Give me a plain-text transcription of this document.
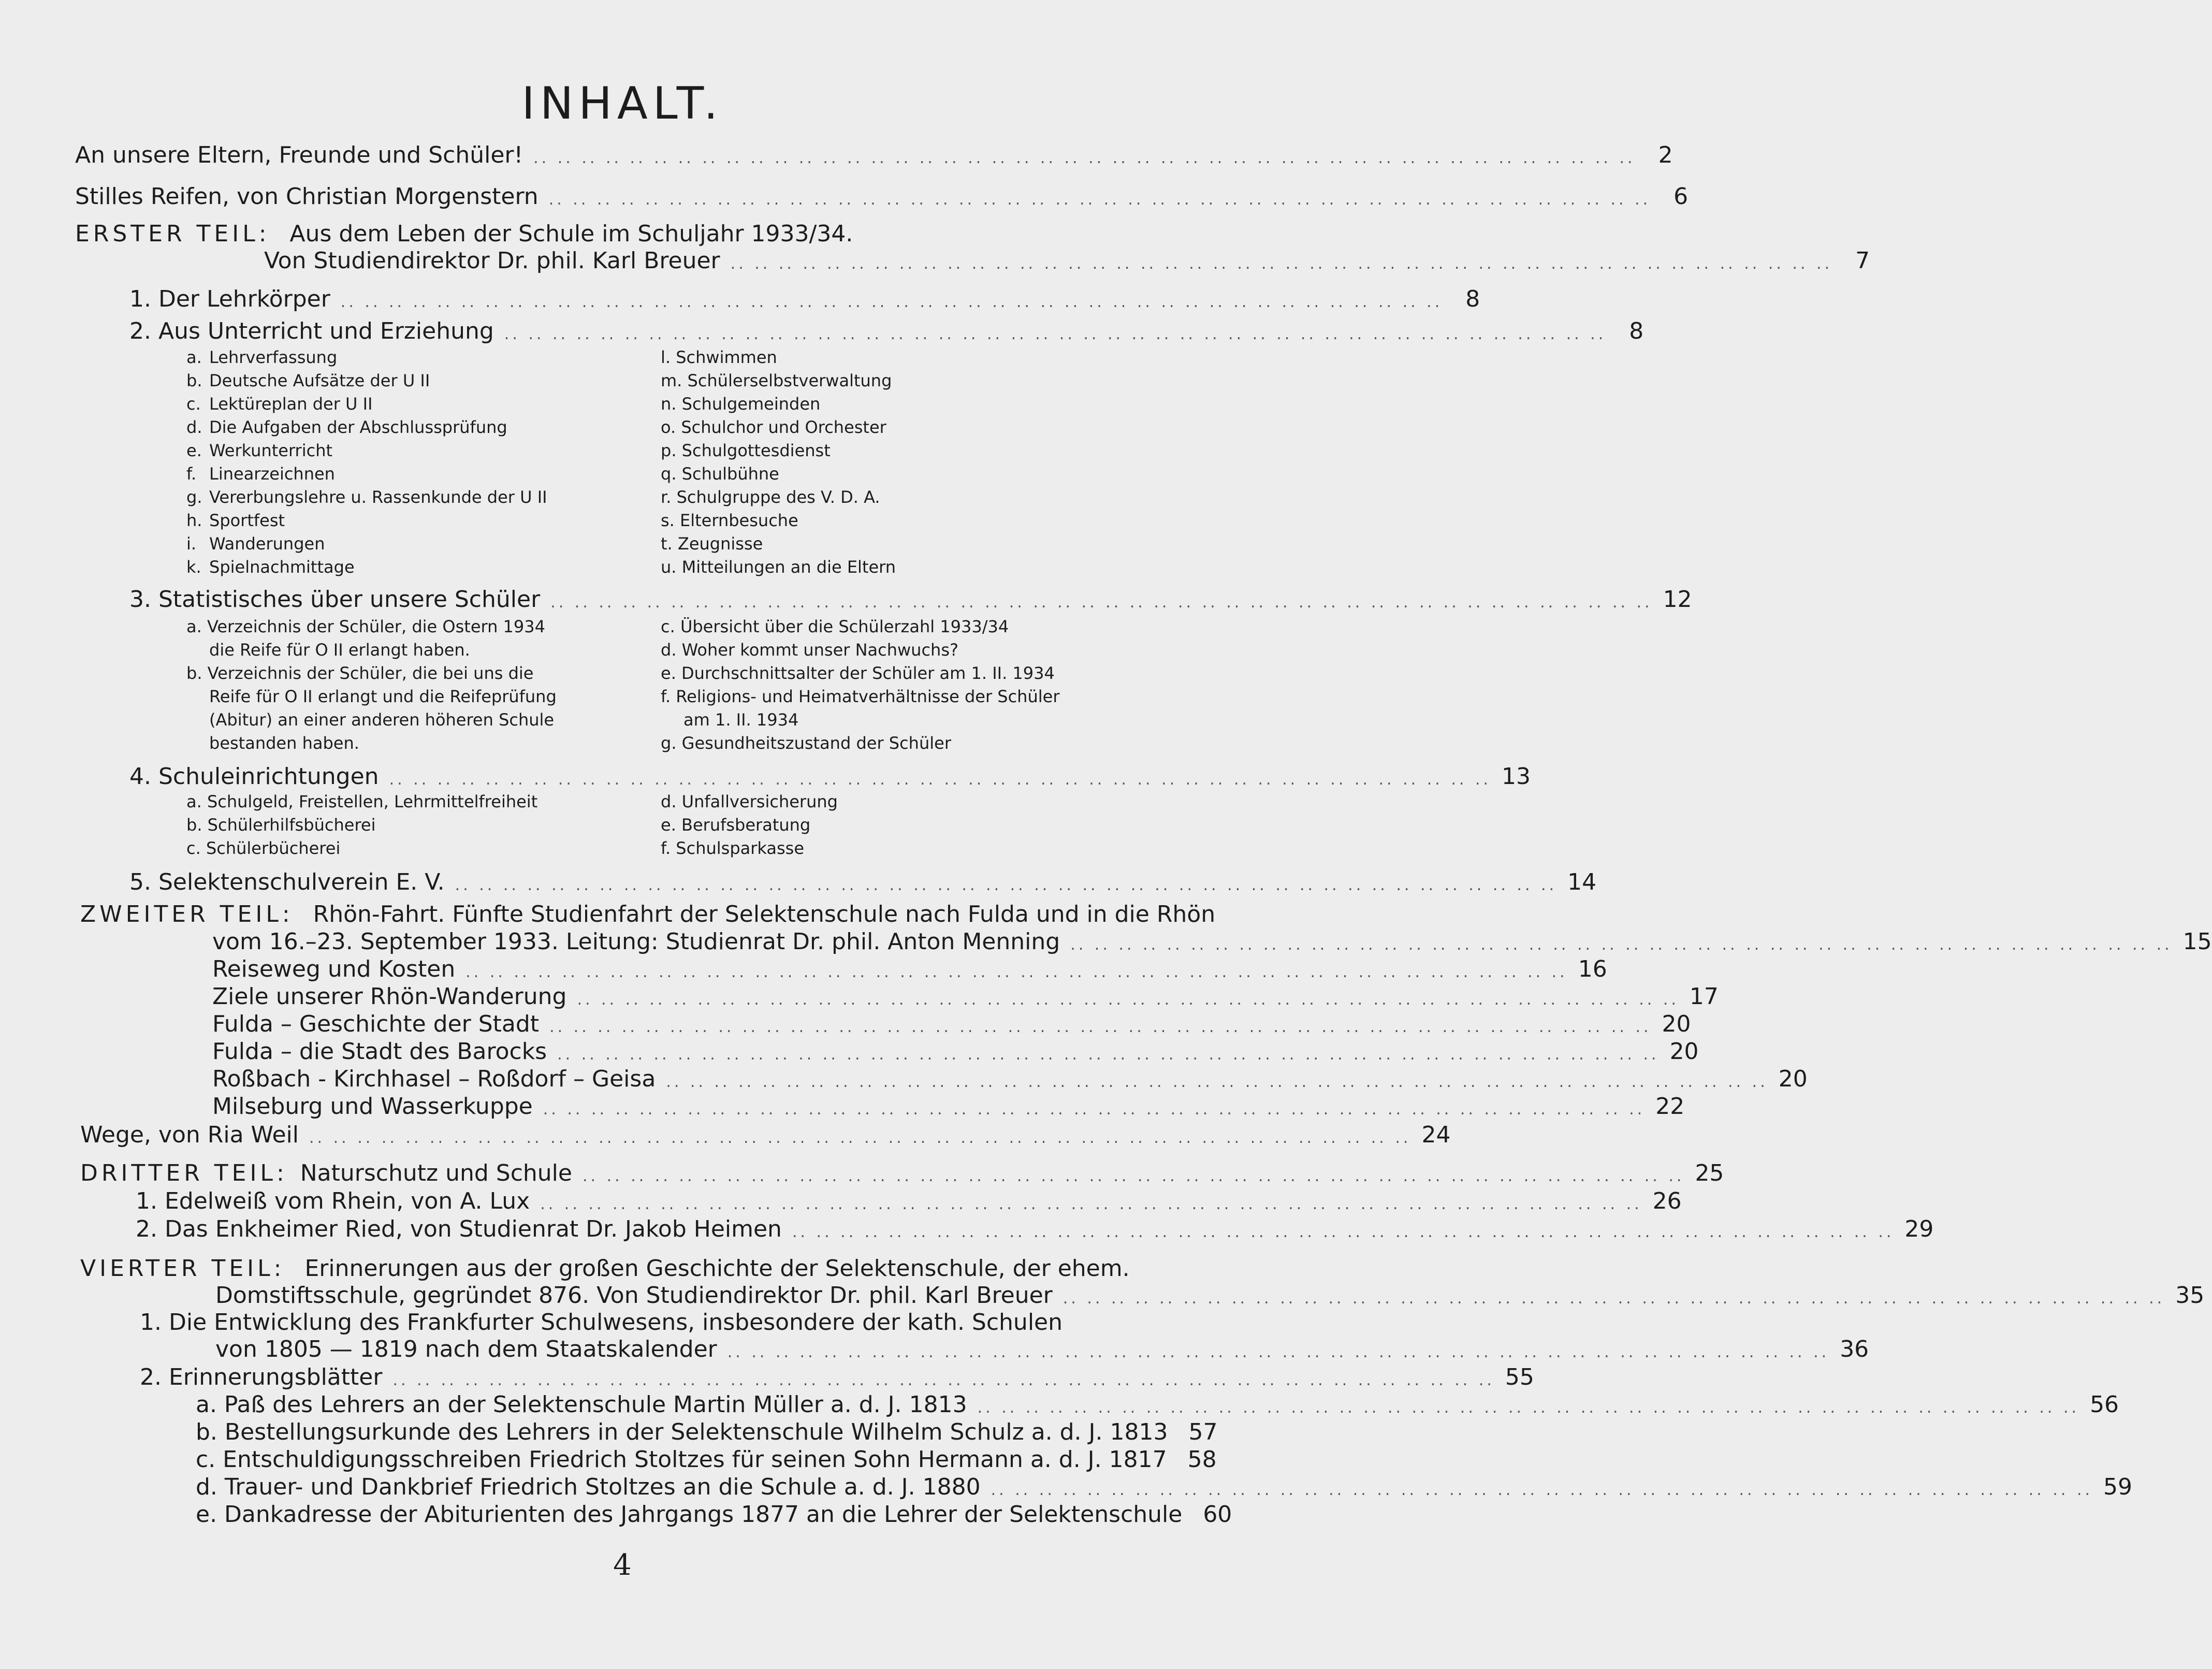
INHALT.
An unsere Eltern, Freunde und Schüler! .. .. .. .. .. .. .. .. .. .. .. .. .. .. .. .. .. .. .. .. .. .. .. .. .. .. .. .. .. .. .. .. .. .. .. .. .. .. .. .. .. .. .. .. .. ..	2
Stilles Reifen, von Christian Morgenstern .. .. .. .. .. .. .. .. .. .. .. .. .. .. .. .. .. .. .. .. .. .. .. .. .. .. .. .. .. .. .. .. .. .. .. .. .. .. .. .. .. .. .. .. .. ..	6
ERSTER TEIL: Aus dem Leben der Schule im Schuljahr 1933/34.
Von Studiendirektor Dr. phil. Karl Breuer .. .. .. .. .. .. .. .. .. .. .. .. .. .. .. .. .. .. .. .. .. .. .. .. .. .. .. .. .. .. .. .. .. .. .. .. .. .. .. .. .. .. .. .. .. ..	7
1. Der Lehrkörper .. .. .. .. .. .. .. .. .. .. .. .. .. .. .. .. .. .. .. .. .. .. .. .. .. .. .. .. .. .. .. .. .. .. .. .. .. .. .. .. .. .. .. .. .. ..	8
2. Aus Unterricht und Erziehung .. .. .. .. .. .. .. .. .. .. .. .. .. .. .. .. .. .. .. .. .. .. .. .. .. .. .. .. .. .. .. .. .. .. .. .. .. .. .. .. .. .. .. .. .. ..	8
a. Lehrverfassung
b. Deutsche Aufsätze der U II
c. Lektüreplan der U II
d. Die Aufgaben der Abschlussprüfung
e. Werkunterricht
f. Linearzeichnen
g. Vererbungslehre u. Rassenkunde der U II
h. Sportfest
i. Wanderungen
k. Spielnachmittage
l. Schwimmen
m. Schülerselbstverwaltung
n. Schulgemeinden
o. Schulchor und Orchester
p. Schulgottesdienst
q. Schulbühne
r. Schulgruppe des V. D. A.
s. Elternbesuche
t. Zeugnisse
u. Mitteilungen an die Eltern
3. Statistisches über unsere Schüler .. .. .. .. .. .. .. .. .. .. .. .. .. .. .. .. .. .. .. .. .. .. .. .. .. .. .. .. .. .. .. .. .. .. .. .. .. .. .. .. .. .. .. .. .. .. 12
a. Verzeichnis der Schüler, die Ostern 1934
die Reife für O II erlangt haben.
b. Verzeichnis der Schüler, die bei uns die
Reife für O II erlangt und die Reifeprüfung
(Abitur) an einer anderen höheren Schule
bestanden haben.
c. Übersicht über die Schülerzahl 1933/34
d. Woher kommt unser Nachwuchs?
e. Durchschnittsalter der Schüler am 1. II. 1934
f. Religions- und Heimatverhältnisse der Schüler
am 1. II. 1934
g. Gesundheitszustand der Schüler
4. Schuleinrichtungen .. .. .. .. .. .. .. .. .. .. .. .. .. .. .. .. .. .. .. .. .. .. .. .. .. .. .. .. .. .. .. .. .. .. .. .. .. .. .. .. .. .. .. .. .. .. 13
a. Schulgeld, Freistellen, Lehrmittelfreiheit
b. Schülerhilfsbücherei
c. Schülerbücherei
d. Unfallversicherung
e. Berufsberatung
f. Schulsparkasse
5. Selektenschulverein E. V. .. .. .. .. .. .. .. .. .. .. .. .. .. .. .. .. .. .. .. .. .. .. .. .. .. .. .. .. .. .. .. .. .. .. .. .. .. .. .. .. .. .. .. .. .. .. 14
ZWEITER TEIL: Rhön-Fahrt. Fünfte Studienfahrt der Selektenschule nach Fulda und in die Rhön
vom 16.–23. September 1933. Leitung: Studienrat Dr. phil. Anton Menning .. .. .. .. .. .. .. .. .. .. .. .. .. .. .. .. .. .. .. .. .. .. .. .. .. .. .. .. .. .. .. .. .. .. .. .. .. .. .. .. .. .. .. .. .. .. 15
Reiseweg und Kosten .. .. .. .. .. .. .. .. .. .. .. .. .. .. .. .. .. .. .. .. .. .. .. .. .. .. .. .. .. .. .. .. .. .. .. .. .. .. .. .. .. .. .. .. .. .. 16
Ziele unserer Rhön-Wanderung .. .. .. .. .. .. .. .. .. .. .. .. .. .. .. .. .. .. .. .. .. .. .. .. .. .. .. .. .. .. .. .. .. .. .. .. .. .. .. .. .. .. .. .. .. .. 17
Fulda – Geschichte der Stadt .. .. .. .. .. .. .. .. .. .. .. .. .. .. .. .. .. .. .. .. .. .. .. .. .. .. .. .. .. .. .. .. .. .. .. .. .. .. .. .. .. .. .. .. .. .. 20
Fulda – die Stadt des Barocks .. .. .. .. .. .. .. .. .. .. .. .. .. .. .. .. .. .. .. .. .. .. .. .. .. .. .. .. .. .. .. .. .. .. .. .. .. .. .. .. .. .. .. .. .. .. 20
Roßbach - Kirchhasel – Roßdorf – Geisa .. .. .. .. .. .. .. .. .. .. .. .. .. .. .. .. .. .. .. .. .. .. .. .. .. .. .. .. .. .. .. .. .. .. .. .. .. .. .. .. .. .. .. .. .. .. 20
Milseburg und Wasserkuppe .. .. .. .. .. .. .. .. .. .. .. .. .. .. .. .. .. .. .. .. .. .. .. .. .. .. .. .. .. .. .. .. .. .. .. .. .. .. .. .. .. .. .. .. .. .. 22
Wege, von Ria Weil .. .. .. .. .. .. .. .. .. .. .. .. .. .. .. .. .. .. .. .. .. .. .. .. .. .. .. .. .. .. .. .. .. .. .. .. .. .. .. .. .. .. .. .. .. .. 24
DRITTER TEIL: Naturschutz und Schule .. .. .. .. .. .. .. .. .. .. .. .. .. .. .. .. .. .. .. .. .. .. .. .. .. .. .. .. .. .. .. .. .. .. .. .. .. .. .. .. .. .. .. .. .. .. 25
1. Edelweiß vom Rhein, von A. Lux .. .. .. .. .. .. .. .. .. .. .. .. .. .. .. .. .. .. .. .. .. .. .. .. .. .. .. .. .. .. .. .. .. .. .. .. .. .. .. .. .. .. .. .. .. .. 26
2. Das Enkheimer Ried, von Studienrat Dr. Jakob Heimen .. .. .. .. .. .. .. .. .. .. .. .. .. .. .. .. .. .. .. .. .. .. .. .. .. .. .. .. .. .. .. .. .. .. .. .. .. .. .. .. .. .. .. .. .. .. 29
VIERTER TEIL: Erinnerungen aus der großen Geschichte der Selektenschule, der ehem.
Domstiftsschule, gegründet 876. Von Studiendirektor Dr. phil. Karl Breuer .. .. .. .. .. .. .. .. .. .. .. .. .. .. .. .. .. .. .. .. .. .. .. .. .. .. .. .. .. .. .. .. .. .. .. .. .. .. .. .. .. .. .. .. .. .. 35
1. Die Entwicklung des Frankfurter Schulwesens, insbesondere der kath. Schulen
von 1805 — 1819 nach dem Staatskalender .. .. .. .. .. .. .. .. .. .. .. .. .. .. .. .. .. .. .. .. .. .. .. .. .. .. .. .. .. .. .. .. .. .. .. .. .. .. .. .. .. .. .. .. .. .. 36
2. Erinnerungsblätter .. .. .. .. .. .. .. .. .. .. .. .. .. .. .. .. .. .. .. .. .. .. .. .. .. .. .. .. .. .. .. .. .. .. .. .. .. .. .. .. .. .. .. .. .. .. 55
a. Paß des Lehrers an der Selektenschule Martin Müller a. d. J. 1813 .. .. .. .. .. .. .. .. .. .. .. .. .. .. .. .. .. .. .. .. .. .. .. .. .. .. .. .. .. .. .. .. .. .. .. .. .. .. .. .. .. .. .. .. .. .. 56
b. Bestellungsurkunde des Lehrers in der Selektenschule Wilhelm Schulz a. d. J. 1813 57
c. Entschuldigungsschreiben Friedrich Stoltzes für seinen Sohn Hermann a. d. J. 1817 58
d. Trauer- und Dankbrief Friedrich Stoltzes an die Schule a. d. J. 1880 .. .. .. .. .. .. .. .. .. .. .. .. .. .. .. .. .. .. .. .. .. .. .. .. .. .. .. .. .. .. .. .. .. .. .. .. .. .. .. .. .. .. .. .. .. .. 59
e. Dankadresse der Abiturienten des Jahrgangs 1877 an die Lehrer der Selektenschule 60
4
